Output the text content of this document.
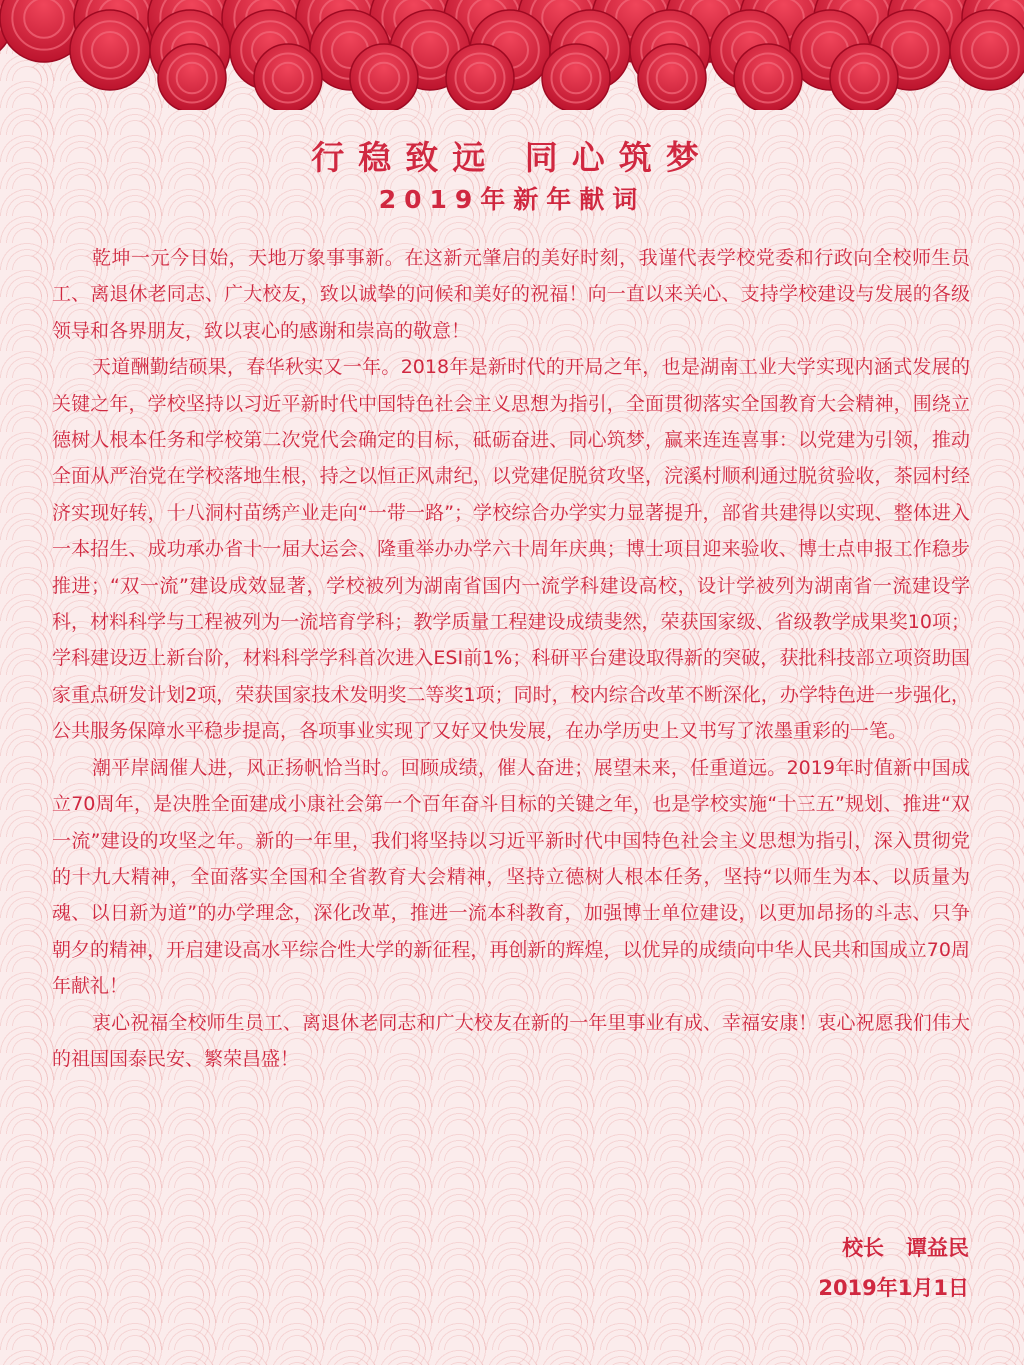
行稳致远 同心筑梦
2019年新年献词

乾坤一元今日始，天地万象事事新。在这新元肇启的美好时刻，我谨代表学校党委和行政向全校师生员工、离退休老同志、广大校友，致以诚挚的问候和美好的祝福！向一直以来关心、支持学校建设与发展的各级领导和各界朋友，致以衷心的感谢和崇高的敬意！

天道酬勤结硕果，春华秋实又一年。2018年是新时代的开局之年，也是湖南工业大学实现内涵式发展的关键之年，学校坚持以习近平新时代中国特色社会主义思想为指引，全面贯彻落实全国教育大会精神，围绕立德树人根本任务和学校第二次党代会确定的目标，砥砺奋进、同心筑梦，赢来连连喜事：以党建为引领，推动全面从严治党在学校落地生根，持之以恒正风肃纪，以党建促脱贫攻坚，浣溪村顺利通过脱贫验收，茶园村经济实现好转，十八洞村苗绣产业走向“一带一路”；学校综合办学实力显著提升，部省共建得以实现、整体进入一本招生、成功承办省十一届大运会、隆重举办办学六十周年庆典；博士项目迎来验收、博士点申报工作稳步推进；“双一流”建设成效显著，学校被列为湖南省国内一流学科建设高校，设计学被列为湖南省一流建设学科，材料科学与工程被列为一流培育学科；教学质量工程建设成绩斐然，荣获国家级、省级教学成果奖10项；学科建设迈上新台阶，材料科学学科首次进入ESI前1%；科研平台建设取得新的突破，获批科技部立项资助国家重点研发计划2项，荣获国家技术发明奖二等奖1项；同时，校内综合改革不断深化，办学特色进一步强化，公共服务保障水平稳步提高，各项事业实现了又好又快发展，在办学历史上又书写了浓墨重彩的一笔。

潮平岸阔催人进，风正扬帆恰当时。回顾成绩，催人奋进；展望未来，任重道远。2019年时值新中国成立70周年，是决胜全面建成小康社会第一个百年奋斗目标的关键之年，也是学校实施“十三五”规划、推进“双一流”建设的攻坚之年。新的一年里，我们将坚持以习近平新时代中国特色社会主义思想为指引，深入贯彻党的十九大精神，全面落实全国和全省教育大会精神，坚持立德树人根本任务，坚持“以师生为本、以质量为魂、以日新为道”的办学理念，深化改革，推进一流本科教育，加强博士单位建设，以更加昂扬的斗志、只争朝夕的精神，开启建设高水平综合性大学的新征程，再创新的辉煌，以优异的成绩向中华人民共和国成立70周年献礼！

衷心祝福全校师生员工、离退休老同志和广大校友在新的一年里事业有成、幸福安康！衷心祝愿我们伟大的祖国国泰民安、繁荣昌盛！

校长   谭益民
2019年1月1日
